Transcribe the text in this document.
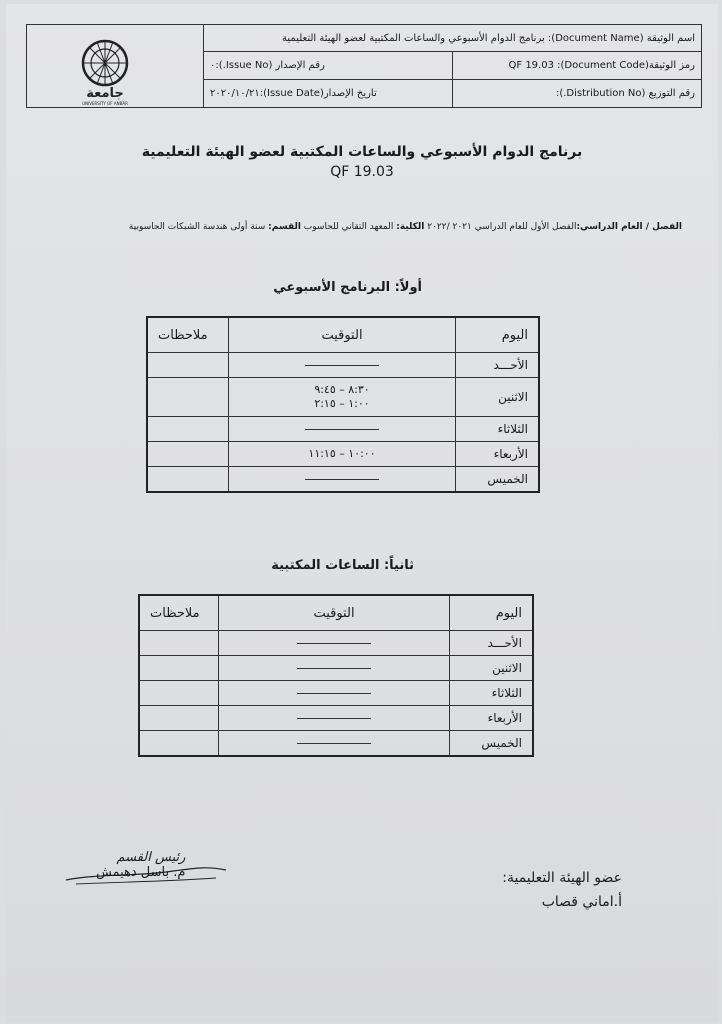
جامعة
UNIVERSITY OF ANBAR
اسم الوثيقة (Document Name): برنامج الدوام الأسبوعي والساعات المكتبية لعضو الهيئة التعليمية
رمز الوثيقة(Document Code): QF 19.03
رقم الإصدار (Issue No.):٠
رقم التوزيع (Distribution No.):
تاريخ الإصدار(Issue Date):٢٠٢٠/١٠/٢١
برنامج الدوام الأسبوعي والساعات المكتبية لعضو الهيئة التعليمية
QF 19.03
الفصل / العام الدراسي:الفصل الأول للعام الدراسي ٢٠٢١ /٢٠٢٢ الكلية: المعهد التقاني للحاسوب القسم: سنة أولى هندسة الشبكات الحاسوبية
أولاً: البرنامج الأسبوعي
اليوم	التوقيت	ملاحظات
الأحـــد		
الاثنين	٨:٣٠ – ٩:٤٥
١:٠٠ – ٢:١٥	

الثلاثاء		
الأربعاء	١٠:٠٠ – ١١:١٥	

الخميس		
ثانياً: الساعات المكتبية
اليوم	التوقيت	ملاحظات
الأحـــد		
الاثنين		
الثلاثاء		
الأربعاء		
الخميس		
عضو الهيئة التعليمية:
أ.اماني قصاب
رئيس القسم
م. باسل دهيمش
